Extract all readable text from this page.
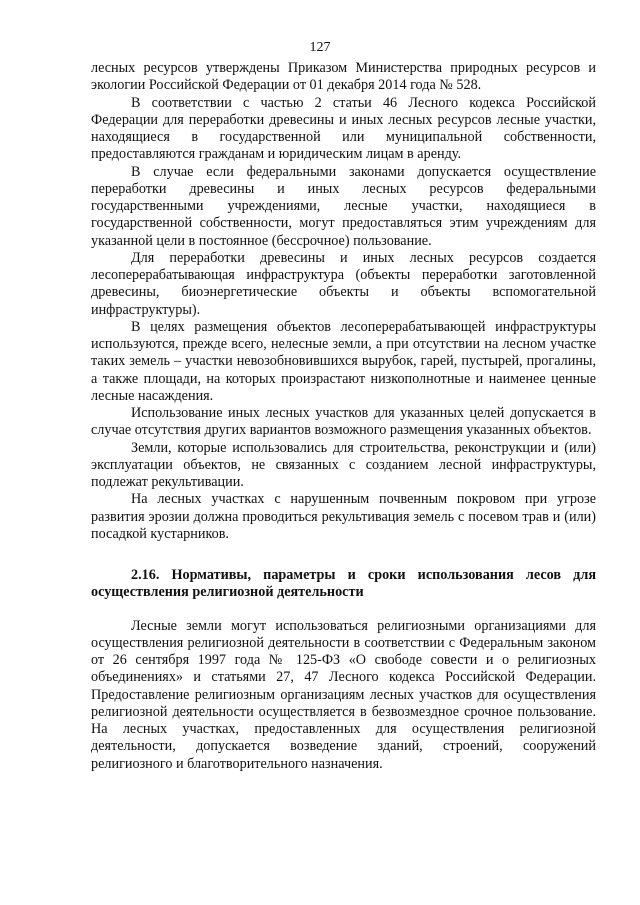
127

лесных ресурсов утверждены Приказом Министерства природных ресурсов и экологии Российской Федерации от 01 декабря 2014 года № 528.

В соответствии с частью 2 статьи 46 Лесного кодекса Российской Федерации для переработки древесины и иных лесных ресурсов лесные участки, находящиеся в государственной или муниципальной собственности, предоставляются гражданам и юридическим лицам в аренду.

В случае если федеральными законами допускается осуществление переработки древесины и иных лесных ресурсов федеральными государственными учреждениями, лесные участки, находящиеся в государственной собственности, могут предоставляться этим учреждениям для указанной цели в постоянное (бессрочное) пользование.

Для переработки древесины и иных лесных ресурсов создается лесоперерабатывающая инфраструктура (объекты переработки заготовленной древесины, биоэнергетические объекты и объекты вспомогательной инфраструктуры).

В целях размещения объектов лесоперерабатывающей инфраструктуры используются, прежде всего, нелесные земли, а при отсутствии на лесном участке таких земель – участки невозобновившихся вырубок, гарей, пустырей, прогалины, а также площади, на которых произрастают низкополнотные и наименее ценные лесные насаждения.

Использование иных лесных участков для указанных целей допускается в случае отсутствия других вариантов возможного размещения указанных объектов.

Земли, которые использовались для строительства, реконструкции и (или) эксплуатации объектов, не связанных с созданием лесной инфраструктуры, подлежат рекультивации.

На лесных участках с нарушенным почвенным покровом при угрозе развития эрозии должна проводиться рекультивация земель с посевом трав и (или) посадкой кустарников.

2.16. Нормативы, параметры и сроки использования лесов для осуществления религиозной деятельности

Лесные земли могут использоваться религиозными организациями для осуществления религиозной деятельности в соответствии с Федеральным законом от 26 сентября 1997 года № 125-ФЗ «О свободе совести и о религиозных объединениях» и статьями 27, 47 Лесного кодекса Российской Федерации. Предоставление религиозным организациям лесных участков для осуществления религиозной деятельности осуществляется в безвозмездное срочное пользование. На лесных участках, предоставленных для осуществления религиозной деятельности, допускается возведение зданий, строений, сооружений религиозного и благотворительного назначения.
